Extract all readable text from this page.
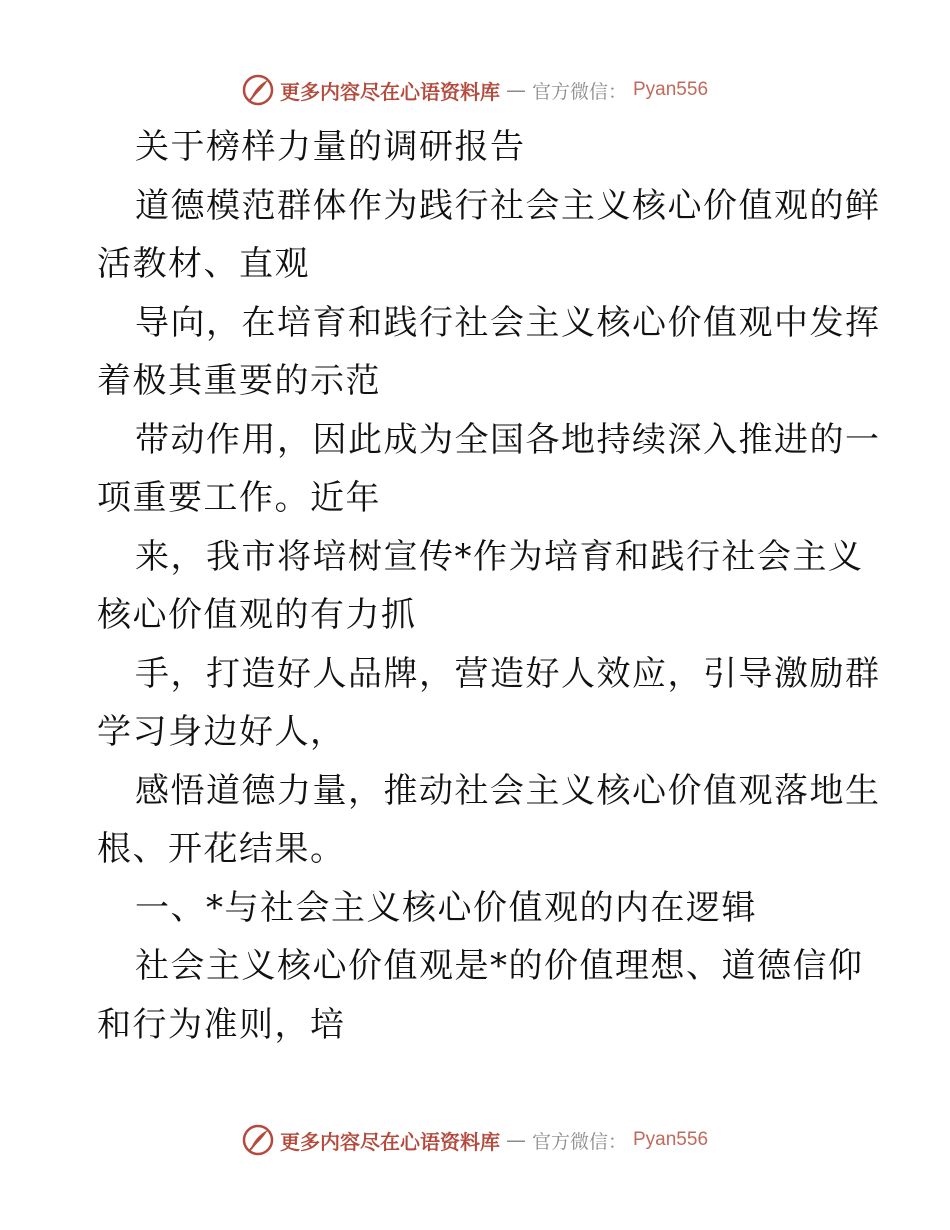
更多内容尽在心语资料库 — 官方微信： Pyan556
关于榜样力量的调研报告
道德模范群体作为践行社会主义核心价值观的鲜
活教材、直观
导向，在培育和践行社会主义核心价值观中发挥
着极其重要的示范
带动作用，因此成为全国各地持续深入推进的一
项重要工作。近年
来，我市将培树宣传*作为培育和践行社会主义
核心价值观的有力抓
手，打造好人品牌，营造好人效应，引导激励群
学习身边好人，
感悟道德力量，推动社会主义核心价值观落地生
根、开花结果。
一、*与社会主义核心价值观的内在逻辑
社会主义核心价值观是*的价值理想、道德信仰
和行为准则，培
更多内容尽在心语资料库 — 官方微信： Pyan556
